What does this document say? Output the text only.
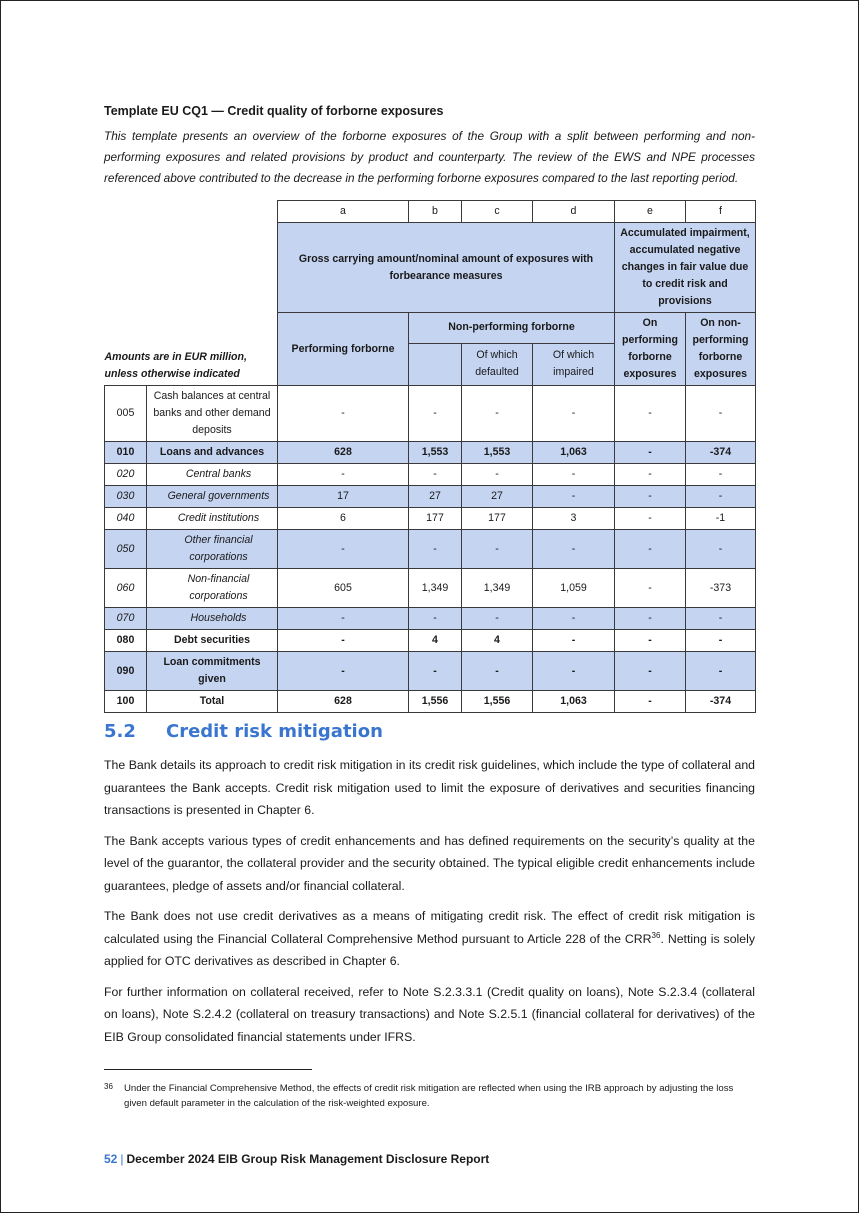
Template EU CQ1 — Credit quality of forborne exposures

This template presents an overview of the forborne exposures of the Group with a split between performing and non-performing exposures and related provisions by product and counterparty. The review of the EWS and NPE processes referenced above contributed to the decrease in the performing forborne exposures compared to the last reporting period.

		a	b	c	d	e	f
		Gross carrying amount/nominal amount of exposures with forbearance measures				Accumulated impairment, accumulated negative changes in fair value due to credit risk and provisions	
Amounts are in EUR million,
unless otherwise indicated		Performing forborne	Non-performing forborne			On performing forborne exposures	On non-performing forborne exposures
				Of which defaulted	Of which impaired		
005	Cash balances at central banks and other demand deposits	-	-	-	-	-	-
010	Loans and advances	628	1,553	1,553	1,063	-	-374
020	Central banks	-	-	-	-	-	-
030	General governments	17	27	27	-	-	-
040	Credit institutions	6	177	177	3	-	-1
050	Other financial corporations	-	-	-	-	-	-
060	Non-financial corporations	605	1,349	1,349	1,059	-	-373
070	Households	-	-	-	-	-	-
080	Debt securities	-	4	4	-	-	-
090	Loan commitments given	-	-	-	-	-	-
100	Total	628	1,556	1,556	1,063	-	-374
5.2 Credit risk mitigation

The Bank details its approach to credit risk mitigation in its credit risk guidelines, which include the type of collateral and guarantees the Bank accepts. Credit risk mitigation used to limit the exposure of derivatives and securities financing transactions is presented in Chapter 6.

The Bank accepts various types of credit enhancements and has defined requirements on the security’s quality at the level of the guarantor, the collateral provider and the security obtained. The typical eligible credit enhancements include guarantees, pledge of assets and/or financial collateral.

The Bank does not use credit derivatives as a means of mitigating credit risk. The effect of credit risk mitigation is calculated using the Financial Collateral Comprehensive Method pursuant to Article 228 of the CRR$^{36}$. Netting is solely applied for OTC derivatives as described in Chapter 6.

For further information on collateral received, refer to Note S.2.3.3.1 (Credit quality on loans), Note S.2.3.4 (collateral on loans), Note S.2.4.2 (collateral on treasury transactions) and Note S.2.5.1 (financial collateral for derivatives) of the EIB Group consolidated financial statements under IFRS.

36 Under the Financial Comprehensive Method, the effects of credit risk mitigation are reflected when using the IRB approach by adjusting the loss given default parameter in the calculation of the risk-weighted exposure.
52 | December 2024 EIB Group Risk Management Disclosure Report
